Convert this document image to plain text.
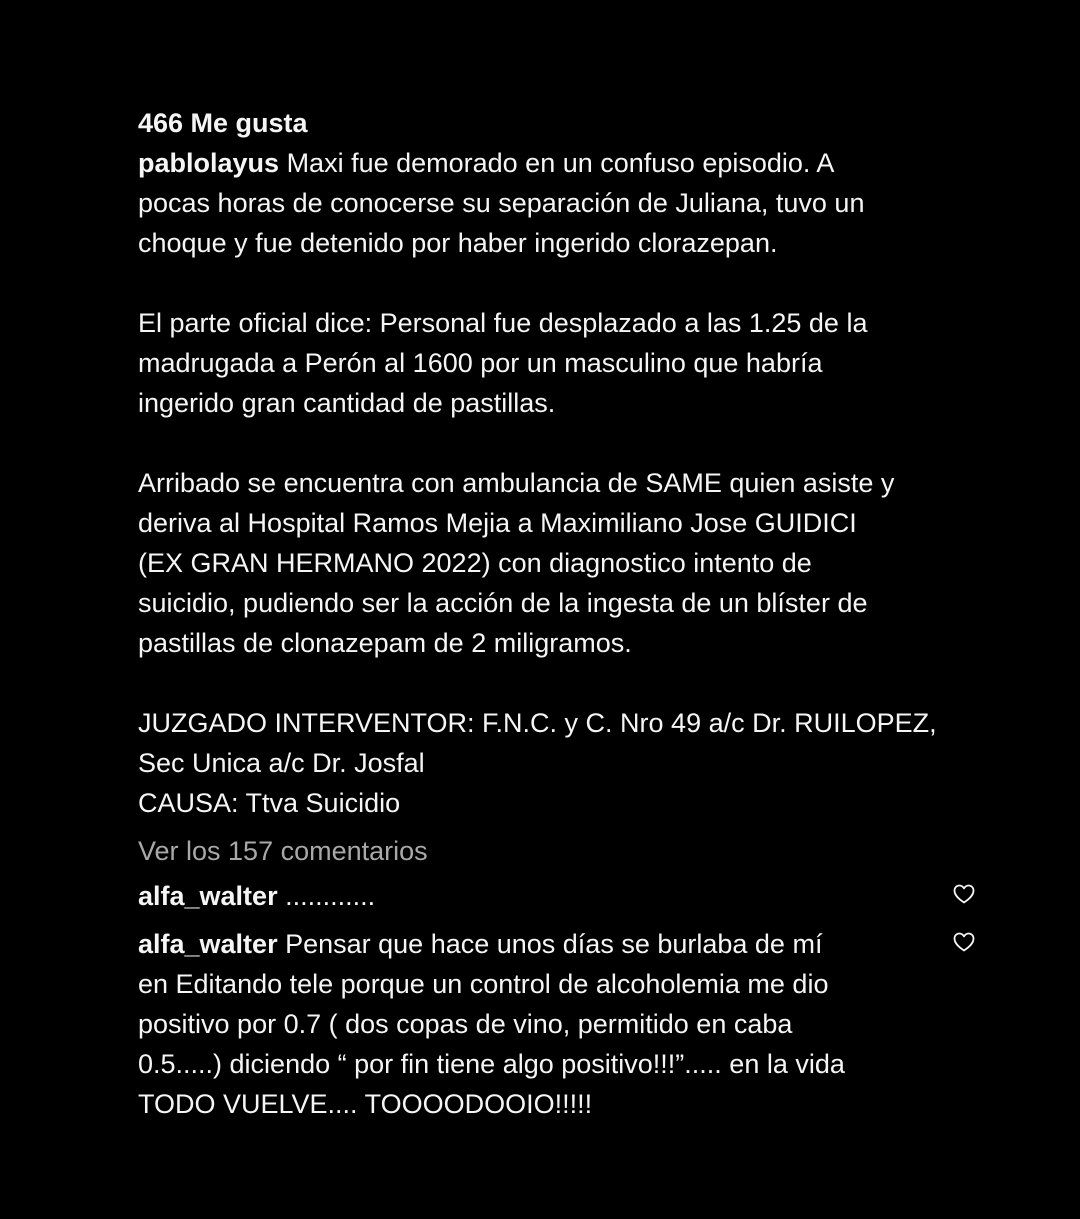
466 Me gusta
pablolayus Maxi fue demorado en un confuso episodio. A
pocas horas de conocerse su separación de Juliana, tuvo un
choque y fue detenido por haber ingerido clorazepan.
El parte oficial dice: Personal fue desplazado a las 1.25 de la
madrugada a Perón al 1600 por un masculino que habría
ingerido gran cantidad de pastillas.
Arribado se encuentra con ambulancia de SAME quien asiste y
deriva al Hospital Ramos Mejia a Maximiliano Jose GUIDICI
(EX GRAN HERMANO 2022) con diagnostico intento de
suicidio, pudiendo ser la acción de la ingesta de un blíster de
pastillas de clonazepam de 2 miligramos.
JUZGADO INTERVENTOR: F.N.C. y C. Nro 49 a/c Dr. RUILOPEZ,
Sec Unica a/c Dr. Josfal
CAUSA: Ttva Suicidio
Ver los 157 comentarios
alfa_walter ............
alfa_walter Pensar que hace unos días se burlaba de mí
en Editando tele porque un control de alcoholemia me dio
positivo por 0.7 ( dos copas de vino, permitido en caba
0.5.....) diciendo “ por fin tiene algo positivo!!!”..... en la vida
TODO VUELVE.... TOOOODOOIO!!!!!
